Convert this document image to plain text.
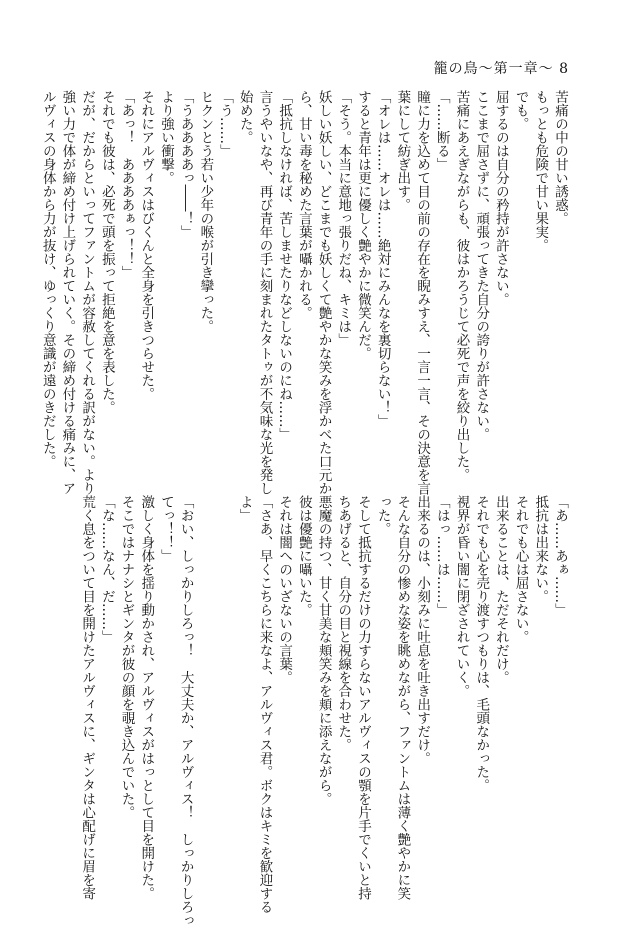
籠の鳥〜第一章〜 8
苦痛の中の甘い誘惑。
もっとも危険で甘い果実。
でも。
屈するのは自分の矜持が許さない。
ここまで屈さずに、頑張ってきた自分の誇りが許さない。
苦痛にあえぎながらも、彼はかろうじて必死で声を絞り出した。
「……断る」
瞳に力を込めて目の前の存在を睨みすえ、一言一言、その決意を言
葉にして紡ぎ出す。
「オレは……オレは……絶対にみんなを裏切らない！」
すると青年は更に優しく艶やかに微笑んだ。
「そう。本当に意地っ張りだね、キミは」
妖しい妖しい、どこまでも妖しくて艶やかな笑みを浮かべた口元か
ら、甘い毒を秘めた言葉が囁かれる。
「抵抗しなければ、苦しませたりなどしないのにね……」
言うやいなや、再び青年の手に刻まれたタトゥが不気味な光を発し
始めた。
「う……」
ヒクンとう若い少年の喉が引き攣った。
「うああああっ――！」
より強い衝撃。
それにアルヴィスはびくんと全身を引きつらせた。
「あっ！　ああああぁっ！！」
それでも彼は、必死で頭を振って拒絶を意を表した。
だが、だからといってファントムが容赦してくれる訳がない。より
強い力で体が締め付け上げられていく。その締め付ける痛みに、ア
ルヴィスの身体から力が抜け、ゆっくり意識が遠のきだした。
「あ……あぁ……」
抵抗は出来ない。
それでも心は屈さない。
出来ることは、ただそれだけ。
それでも心を売り渡すつもりは、毛頭なかった。
視界が昏い闇に閉ざされていく。
「はっ……は……」
出来るのは、小刻みに吐息を吐き出すだけ。
そんな自分の惨めな姿を眺めながら、ファントムは薄く艶やかに笑
った。
そして抵抗するだけの力すらないアルヴィスの顎を片手でくいと持
ちあげると、自分の目と視線を合わせた。
悪魔の持つ、甘く甘美な頬笑みを頬に添えながら。
彼は優艶に囁いた。
それは闇へのいざないの言葉。
「さあ、早くこちらに来なよ、アルヴィス君。ボクはキミを歓迎する
よ」

「おい、しっかりしろっ！　大丈夫か、アルヴィス！　しっかりしろっ
てっ！！」
激しく身体を揺り動かされ、アルヴィスがはっとして目を開けた。
そこではナナシとギンタが彼の顔を覗き込んでいた。
「な……なん、だ……」
荒く息をついて目を開けたアルヴィスに、ギンタは心配げに眉を寄
